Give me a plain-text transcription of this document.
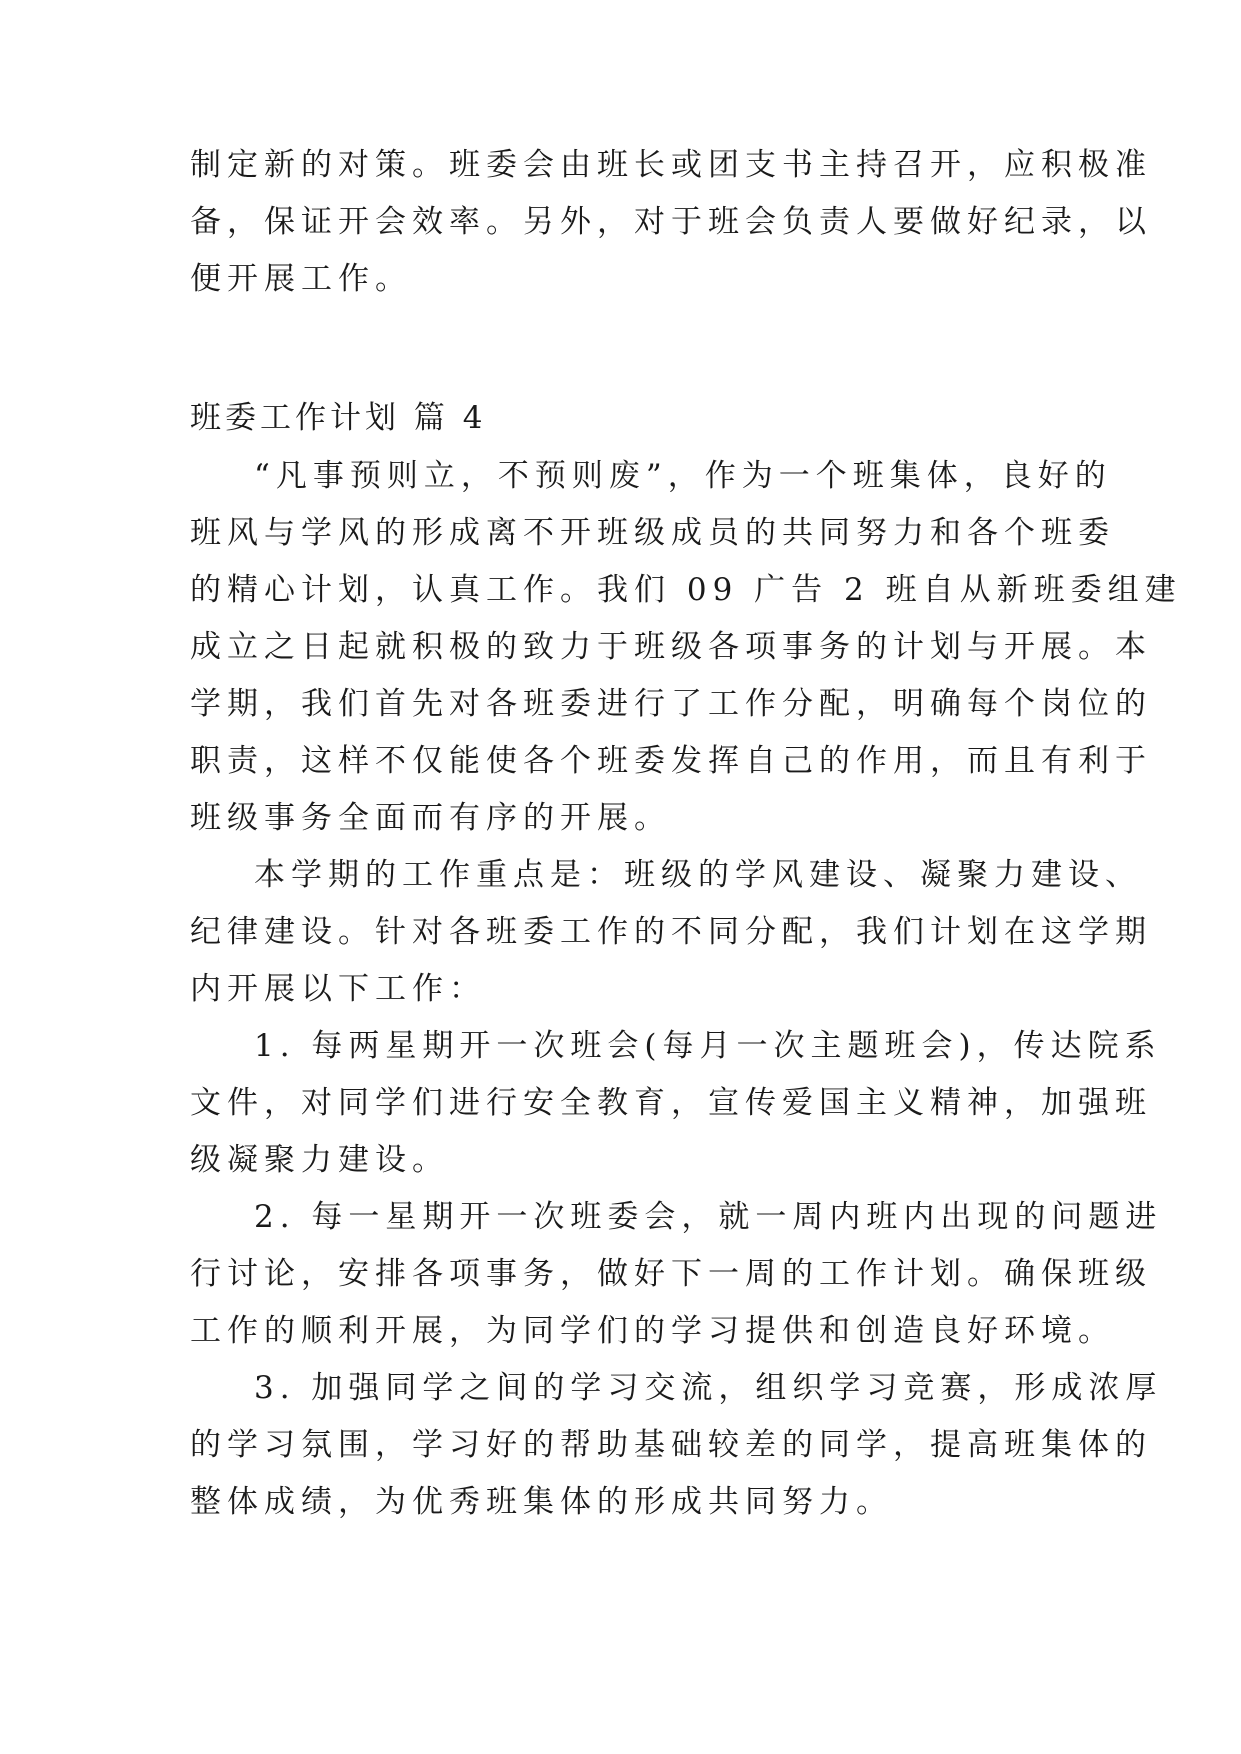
制定新的对策。班委会由班长或团支书主持召开，应积极准
备，保证开会效率。另外，对于班会负责人要做好纪录，以
便开展工作。
班委工作计划 篇 4
“凡事预则立，不预则废”，作为一个班集体，良好的
班风与学风的形成离不开班级成员的共同努力和各个班委
的精心计划，认真工作。我们 09 广告 2 班自从新班委组建
成立之日起就积极的致力于班级各项事务的计划与开展。本
学期，我们首先对各班委进行了工作分配，明确每个岗位的
职责，这样不仅能使各个班委发挥自己的作用，而且有利于
班级事务全面而有序的开展。
本学期的工作重点是：班级的学风建设、凝聚力建设、
纪律建设。针对各班委工作的不同分配，我们计划在这学期
内开展以下工作：
1. 每两星期开一次班会(每月一次主题班会)，传达院系
文件，对同学们进行安全教育，宣传爱国主义精神，加强班
级凝聚力建设。
2. 每一星期开一次班委会，就一周内班内出现的问题进
行讨论，安排各项事务，做好下一周的工作计划。确保班级
工作的顺利开展，为同学们的学习提供和创造良好环境。
3. 加强同学之间的学习交流，组织学习竞赛，形成浓厚
的学习氛围，学习好的帮助基础较差的同学，提高班集体的
整体成绩，为优秀班集体的形成共同努力。
